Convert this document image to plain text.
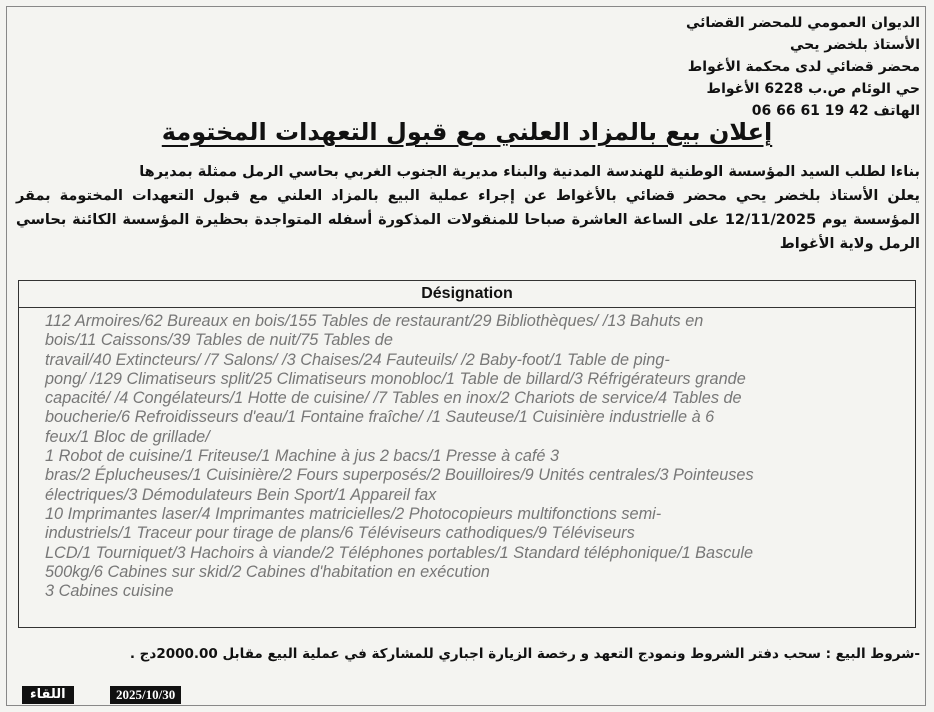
الديوان العمومي للمحضر القضائي
الأستاذ بلخضر يحي
محضر قضائي لدى محكمة الأغواط
حي الوئام ص.ب 6228 الأغواط
الهاتف 42 19 61 66 06
إعلان بيع بالمزاد العلني مع قبول التعهدات المختومة

بناءا لطلب السيد المؤسسة الوطنية للهندسة المدنية والبناء مديرية الجنوب الغربي بحاسي الرمل ممثلة بمديرها

يعلن الأستاذ بلخضر يحي محضر قضائي بالأغواط عن إجراء عملية البيع بالمزاد العلني مع قبول التعهدات المختومة بمقر المؤسسة يوم 12/11/2025 على الساعة العاشرة صباحا للمنقولات المذكورة أسفله المتواجدة بحظيرة المؤسسة الكائنة بحاسي الرمل ولاية الأغواط

Désignation

112 Armoires/62 Bureaux en bois/155 Tables de restaurant/29 Bibliothèques/ /13 Bahuts en

bois/11 Caissons/39 Tables de nuit/75 Tables de

travail/40 Extincteurs/ /7 Salons/ /3 Chaises/24 Fauteuils/ /2 Baby-foot/1 Table de ping-

pong/ /129 Climatiseurs split/25 Climatiseurs monobloc/1 Table de billard/3 Réfrigérateurs grande

capacité/ /4 Congélateurs/1 Hotte de cuisine/ /7 Tables en inox/2 Chariots de service/4 Tables de

boucherie/6 Refroidisseurs d'eau/1 Fontaine fraîche/ /1 Sauteuse/1 Cuisinière industrielle à 6

feux/1 Bloc de grillade/

1 Robot de cuisine/1 Friteuse/1 Machine à jus 2 bacs/1 Presse à café 3

bras/2 Éplucheuses/1 Cuisinière/2 Fours superposés/2 Bouilloires/9 Unités centrales/3 Pointeuses

électriques/3 Démodulateurs Bein Sport/1 Appareil fax

10 Imprimantes laser/4 Imprimantes matricielles/2 Photocopieurs multifonctions semi-

industriels/1 Traceur pour tirage de plans/6 Téléviseurs cathodiques/9 Téléviseurs

LCD/1 Tourniquet/3 Hachoirs à viande/2 Téléphones portables/1 Standard téléphonique/1 Bascule

500kg/6 Cabines sur skid/2 Cabines d'habitation en exécution

3 Cabines cuisine

-شروط البيع : سحب دفتر الشروط ونمودج التعهد و رخصة الزيارة اجباري للمشاركة في عملية البيع مقابل 2000.00دج .
اللقاء	2025/10/30
